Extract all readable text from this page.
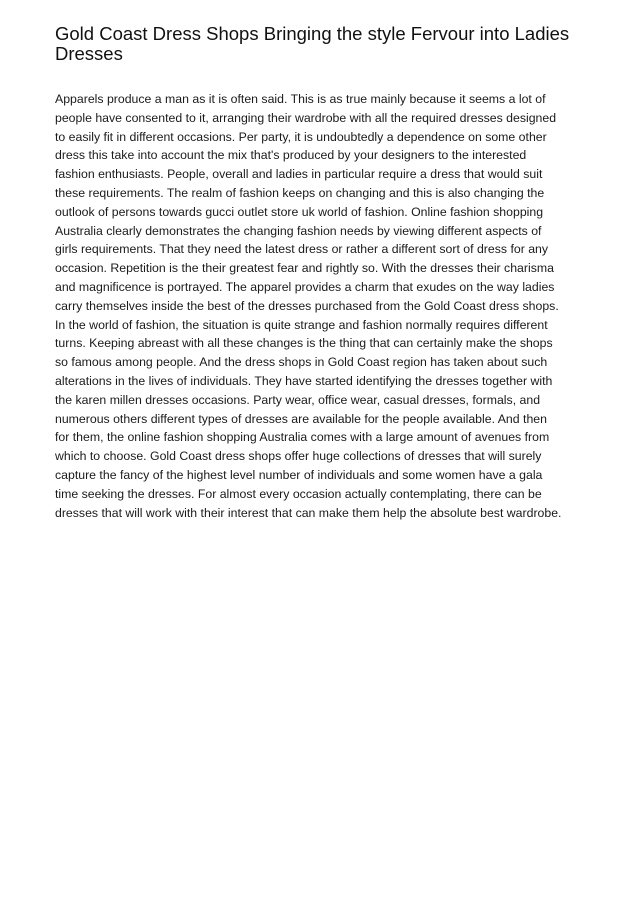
Gold Coast Dress Shops Bringing the style Fervour into Ladies Dresses
Apparels produce a man as it is often said. This is as true mainly because it seems a lot of
people have consented to it, arranging their wardrobe with all the required dresses designed
to easily fit in different occasions. Per party, it is undoubtedly a dependence on some other
dress this take into account the mix that's produced by your designers to the interested
fashion enthusiasts. People, overall and ladies in particular require a dress that would suit
these requirements. The realm of fashion keeps on changing and this is also changing the
outlook of persons towards gucci outlet store uk world of fashion. Online fashion shopping
Australia clearly demonstrates the changing fashion needs by viewing different aspects of
girls requirements. That they need the latest dress or rather a different sort of dress for any
occasion. Repetition is the their greatest fear and rightly so. With the dresses their charisma
and magnificence is portrayed. The apparel provides a charm that exudes on the way ladies
carry themselves inside the best of the dresses purchased from the Gold Coast dress shops.
In the world of fashion, the situation is quite strange and fashion normally requires different
turns. Keeping abreast with all these changes is the thing that can certainly make the shops
so famous among people. And the dress shops in Gold Coast region has taken about such
alterations in the lives of individuals. They have started identifying the dresses together with
the karen millen dresses occasions. Party wear, office wear, casual dresses, formals, and
numerous others different types of dresses are available for the people available. And then
for them, the online fashion shopping Australia comes with a large amount of avenues from
which to choose. Gold Coast dress shops offer huge collections of dresses that will surely
capture the fancy of the highest level number of individuals and some women have a gala
time seeking the dresses. For almost every occasion actually contemplating, there can be
dresses that will work with their interest that can make them help the absolute best wardrobe.
